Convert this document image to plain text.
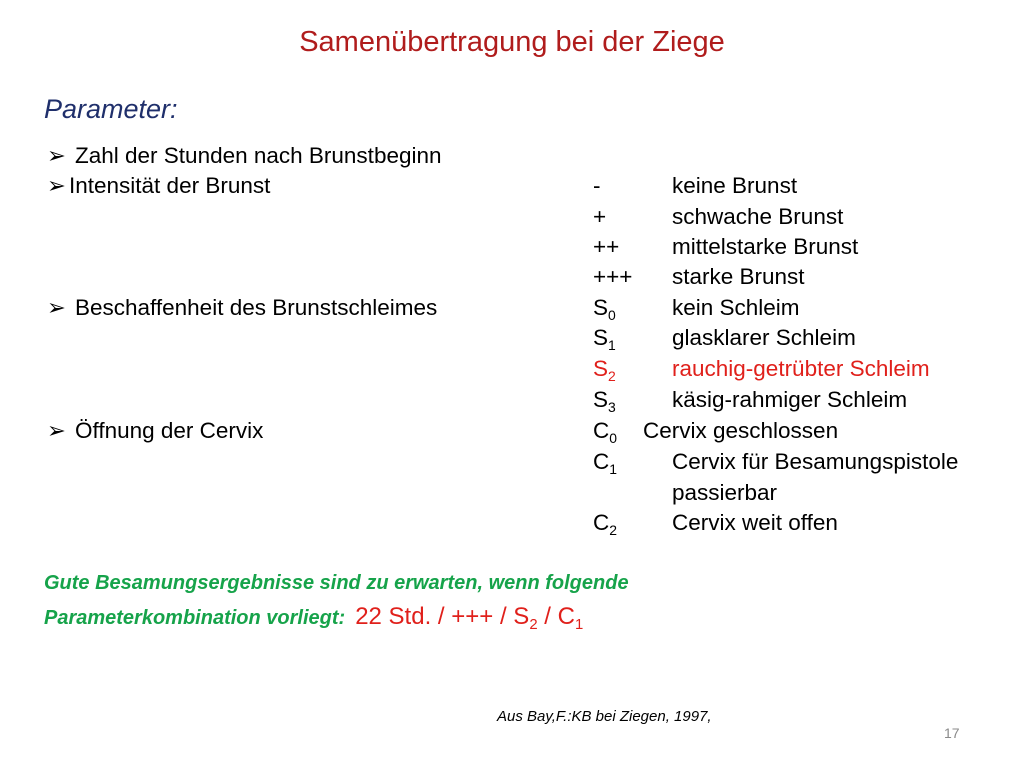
Samenübertragung bei der Ziege
Parameter:
➢ Zahl der Stunden nach Brunstbeginn
➢ Intensität der Brunst	-	keine Brunst
+	schwache Brunst
++ mittelstarke Brunst
+++ starke Brunst
➢ Beschaffenheit des Brunstschleimes	$S_0$ kein Schleim
$S_1$ glasklarer Schleim
$S_2$ rauchig-getrübter Schleim
$S_3$ käsig-rahmiger Schleim
➢ Öffnung der Cervix	$C_0$ Cervix geschlossen
$C_1$ Cervix für Besamungspistole
passierbar
$C_2$ Cervix weit offen
Gute Besamungsergebnisse sind zu erwarten, wenn folgende
Parameterkombination vorliegt: 22 Std. / +++ / $S_2 / C_1$
Aus Bay,F.:KB bei Ziegen, 1997,
17
